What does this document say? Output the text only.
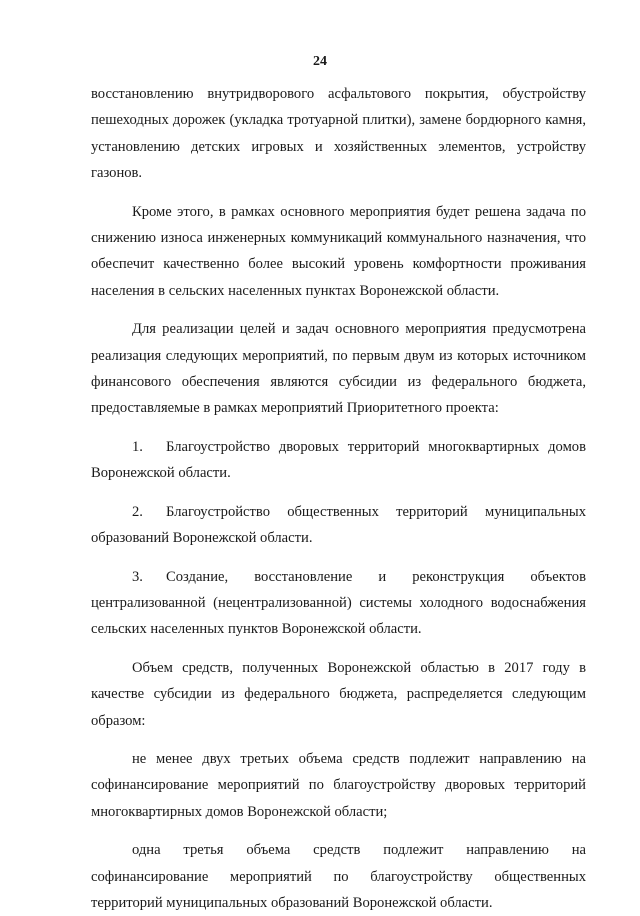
24

восстановлению внутридворового асфальтового покрытия, обустройству пешеходных дорожек (укладка тротуарной плитки), замене бордюрного камня, установлению детских игровых и хозяйственных элементов, устройству газонов.

Кроме этого, в рамках основного мероприятия будет решена задача по снижению износа инженерных коммуникаций коммунального назначения, что обеспечит качественно более высокий уровень комфортности проживания населения в сельских населенных пунктах Воронежской области.

Для реализации целей и задач основного мероприятия предусмотрена реализация следующих мероприятий, по первым двум из которых источником финансового обеспечения являются субсидии из федерального бюджета, предоставляемые в рамках мероприятий Приоритетного проекта:

1. Благоустройство дворовых территорий многоквартирных домов Воронежской области.

2. Благоустройство общественных территорий муниципальных образований Воронежской области.

3. Создание, восстановление и реконструкция объектов централизованной (нецентрализованной) системы холодного водоснабжения сельских населенных пунктов Воронежской области.

Объем средств, полученных Воронежской областью в 2017 году в качестве субсидии из федерального бюджета, распределяется следующим образом:

не менее двух третьих объема средств подлежит направлению на софинансирование мероприятий по благоустройству дворовых территорий многоквартирных домов Воронежской области;

одна третья объема средств подлежит направлению на софинансирование мероприятий по благоустройству общественных территорий муниципальных образований Воронежской области.
